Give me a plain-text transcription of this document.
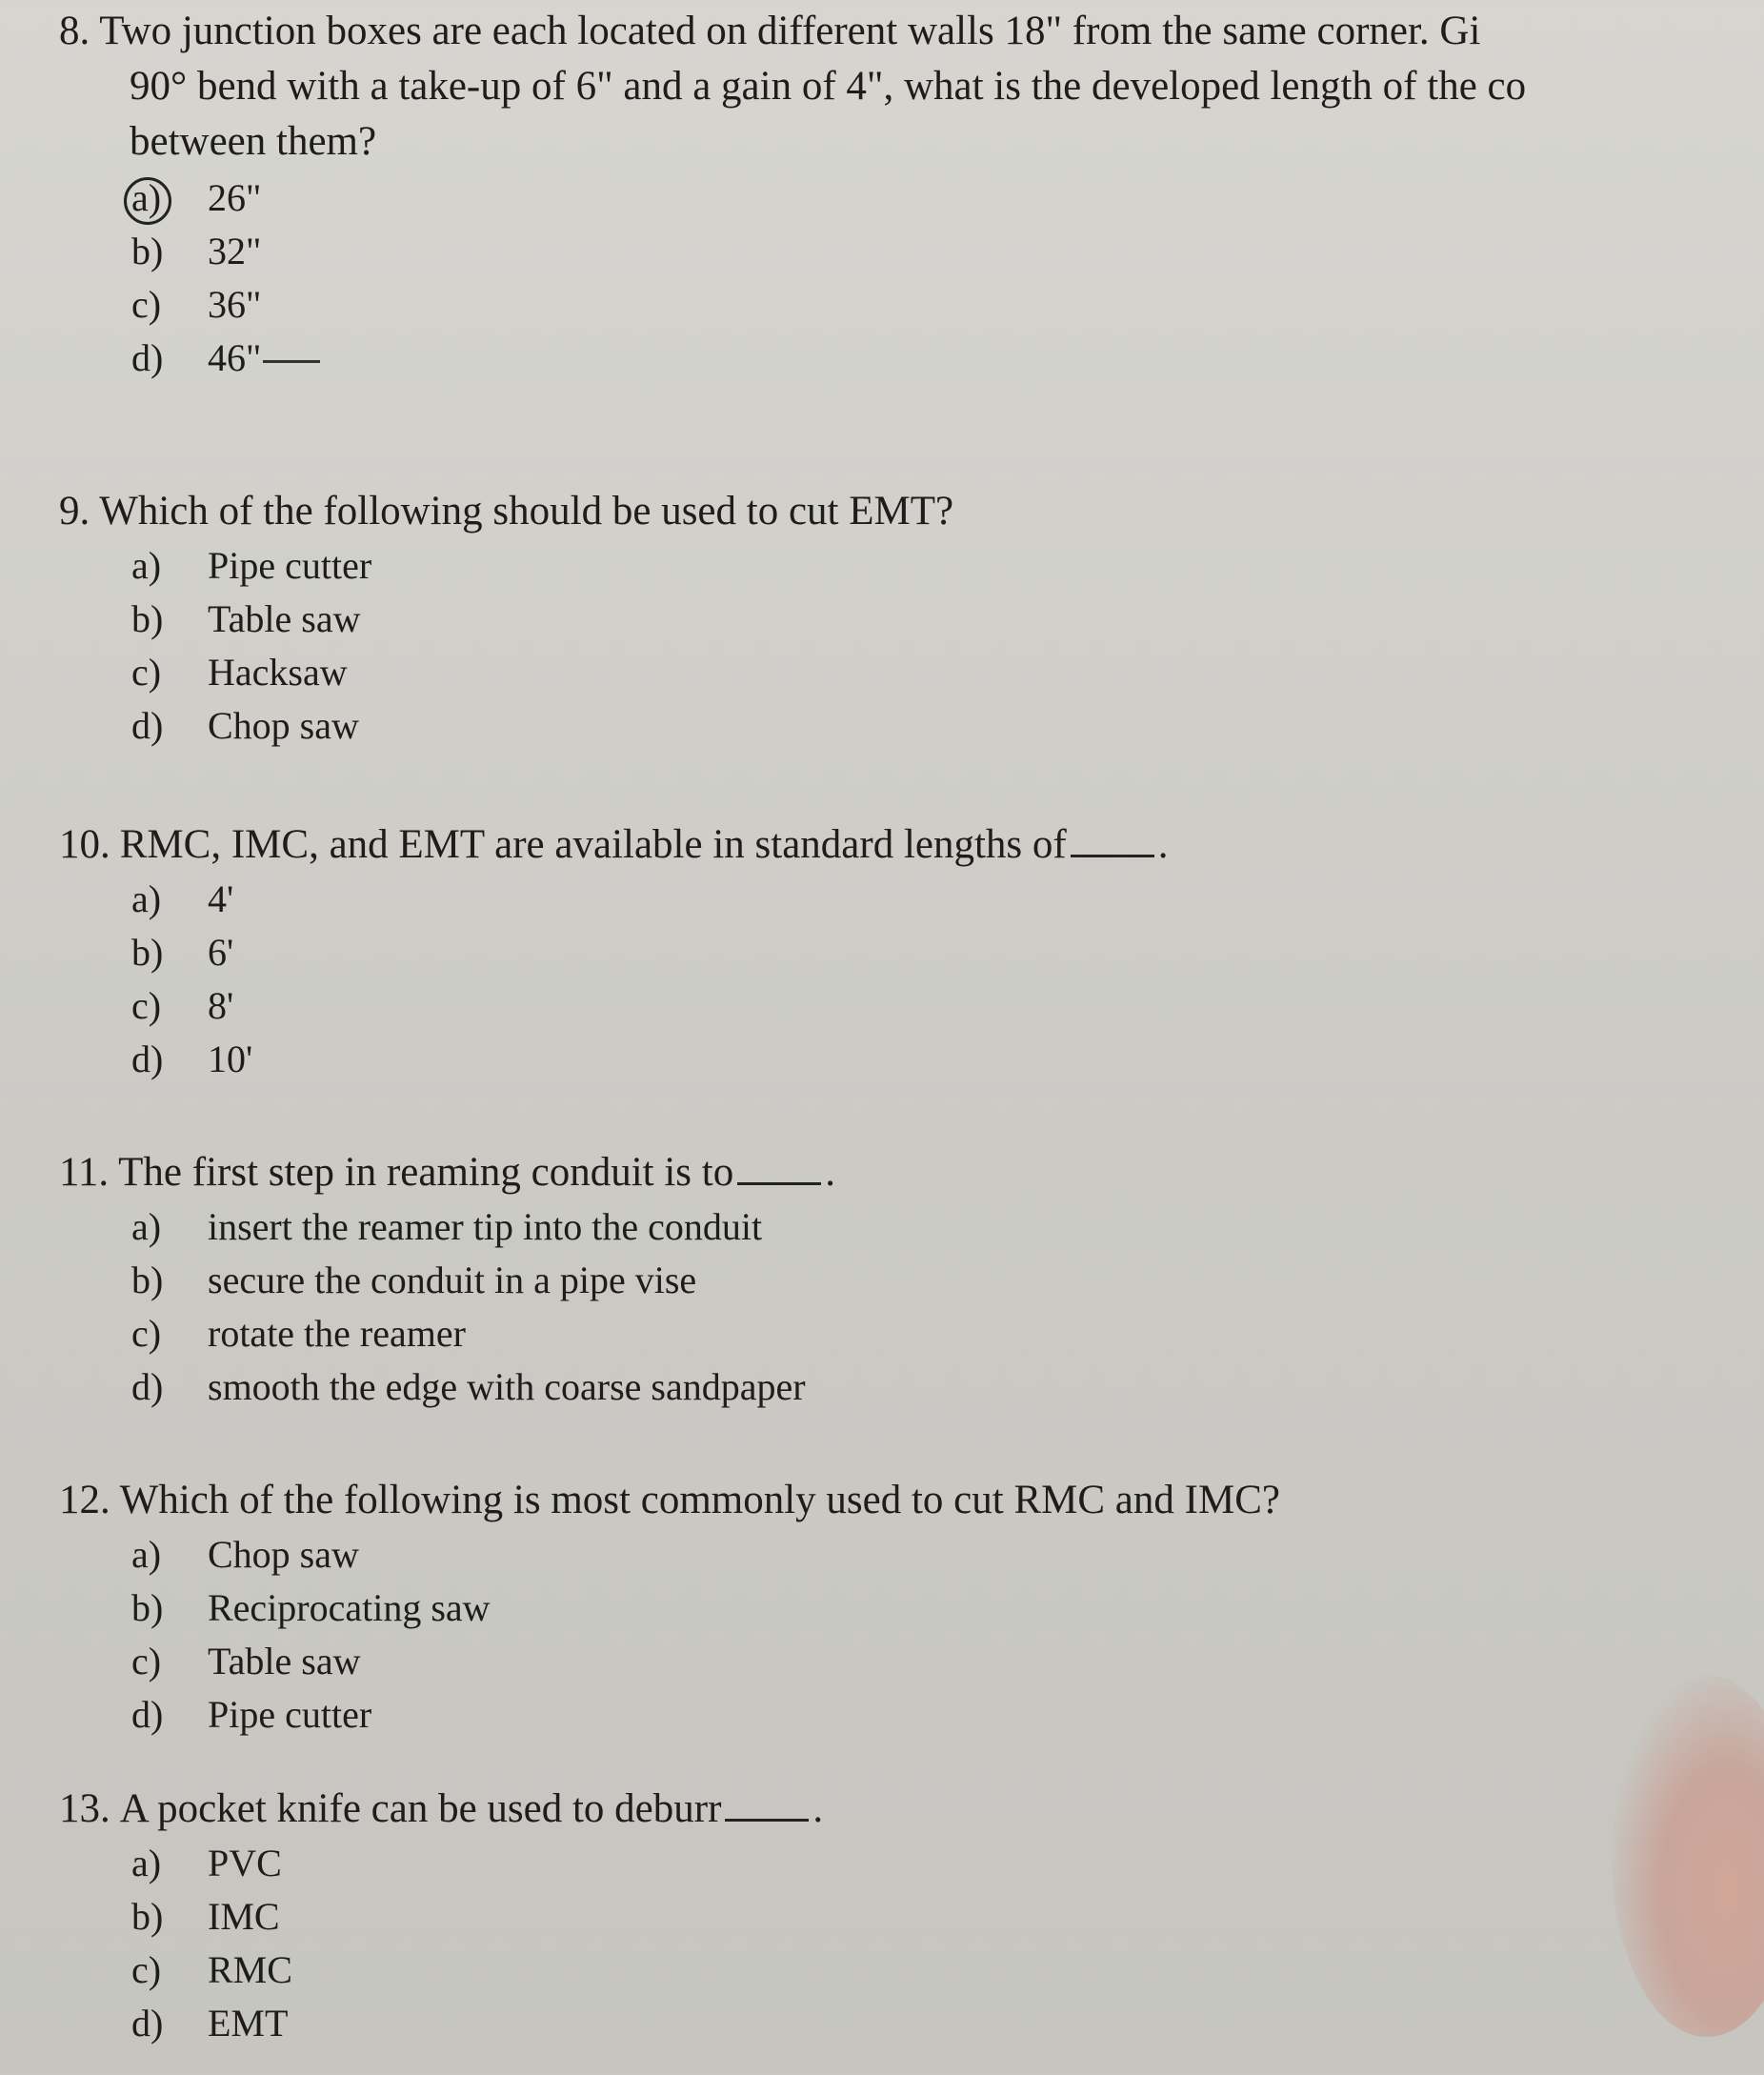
8. Two junction boxes are each located on different walls 18" from the same corner. Gi
90° bend with a take-up of 6" and a gain of 4", what is the developed length of the co
between them?
a) 26"
b) 32"
c) 36"
d) 46"
9. Which of the following should be used to cut EMT?
a) Pipe cutter
b) Table saw
c) Hacksaw
d) Chop saw
10. RMC, IMC, and EMT are available in standard lengths of .
a) 4'
b) 6'
c) 8'
d) 10'
11. The first step in reaming conduit is to .
a) insert the reamer tip into the conduit
b) secure the conduit in a pipe vise
c) rotate the reamer
d) smooth the edge with coarse sandpaper
12. Which of the following is most commonly used to cut RMC and IMC?
a) Chop saw
b) Reciprocating saw
c) Table saw
d) Pipe cutter
13. A pocket knife can be used to deburr .
a) PVC
b) IMC
c) RMC
d) EMT
